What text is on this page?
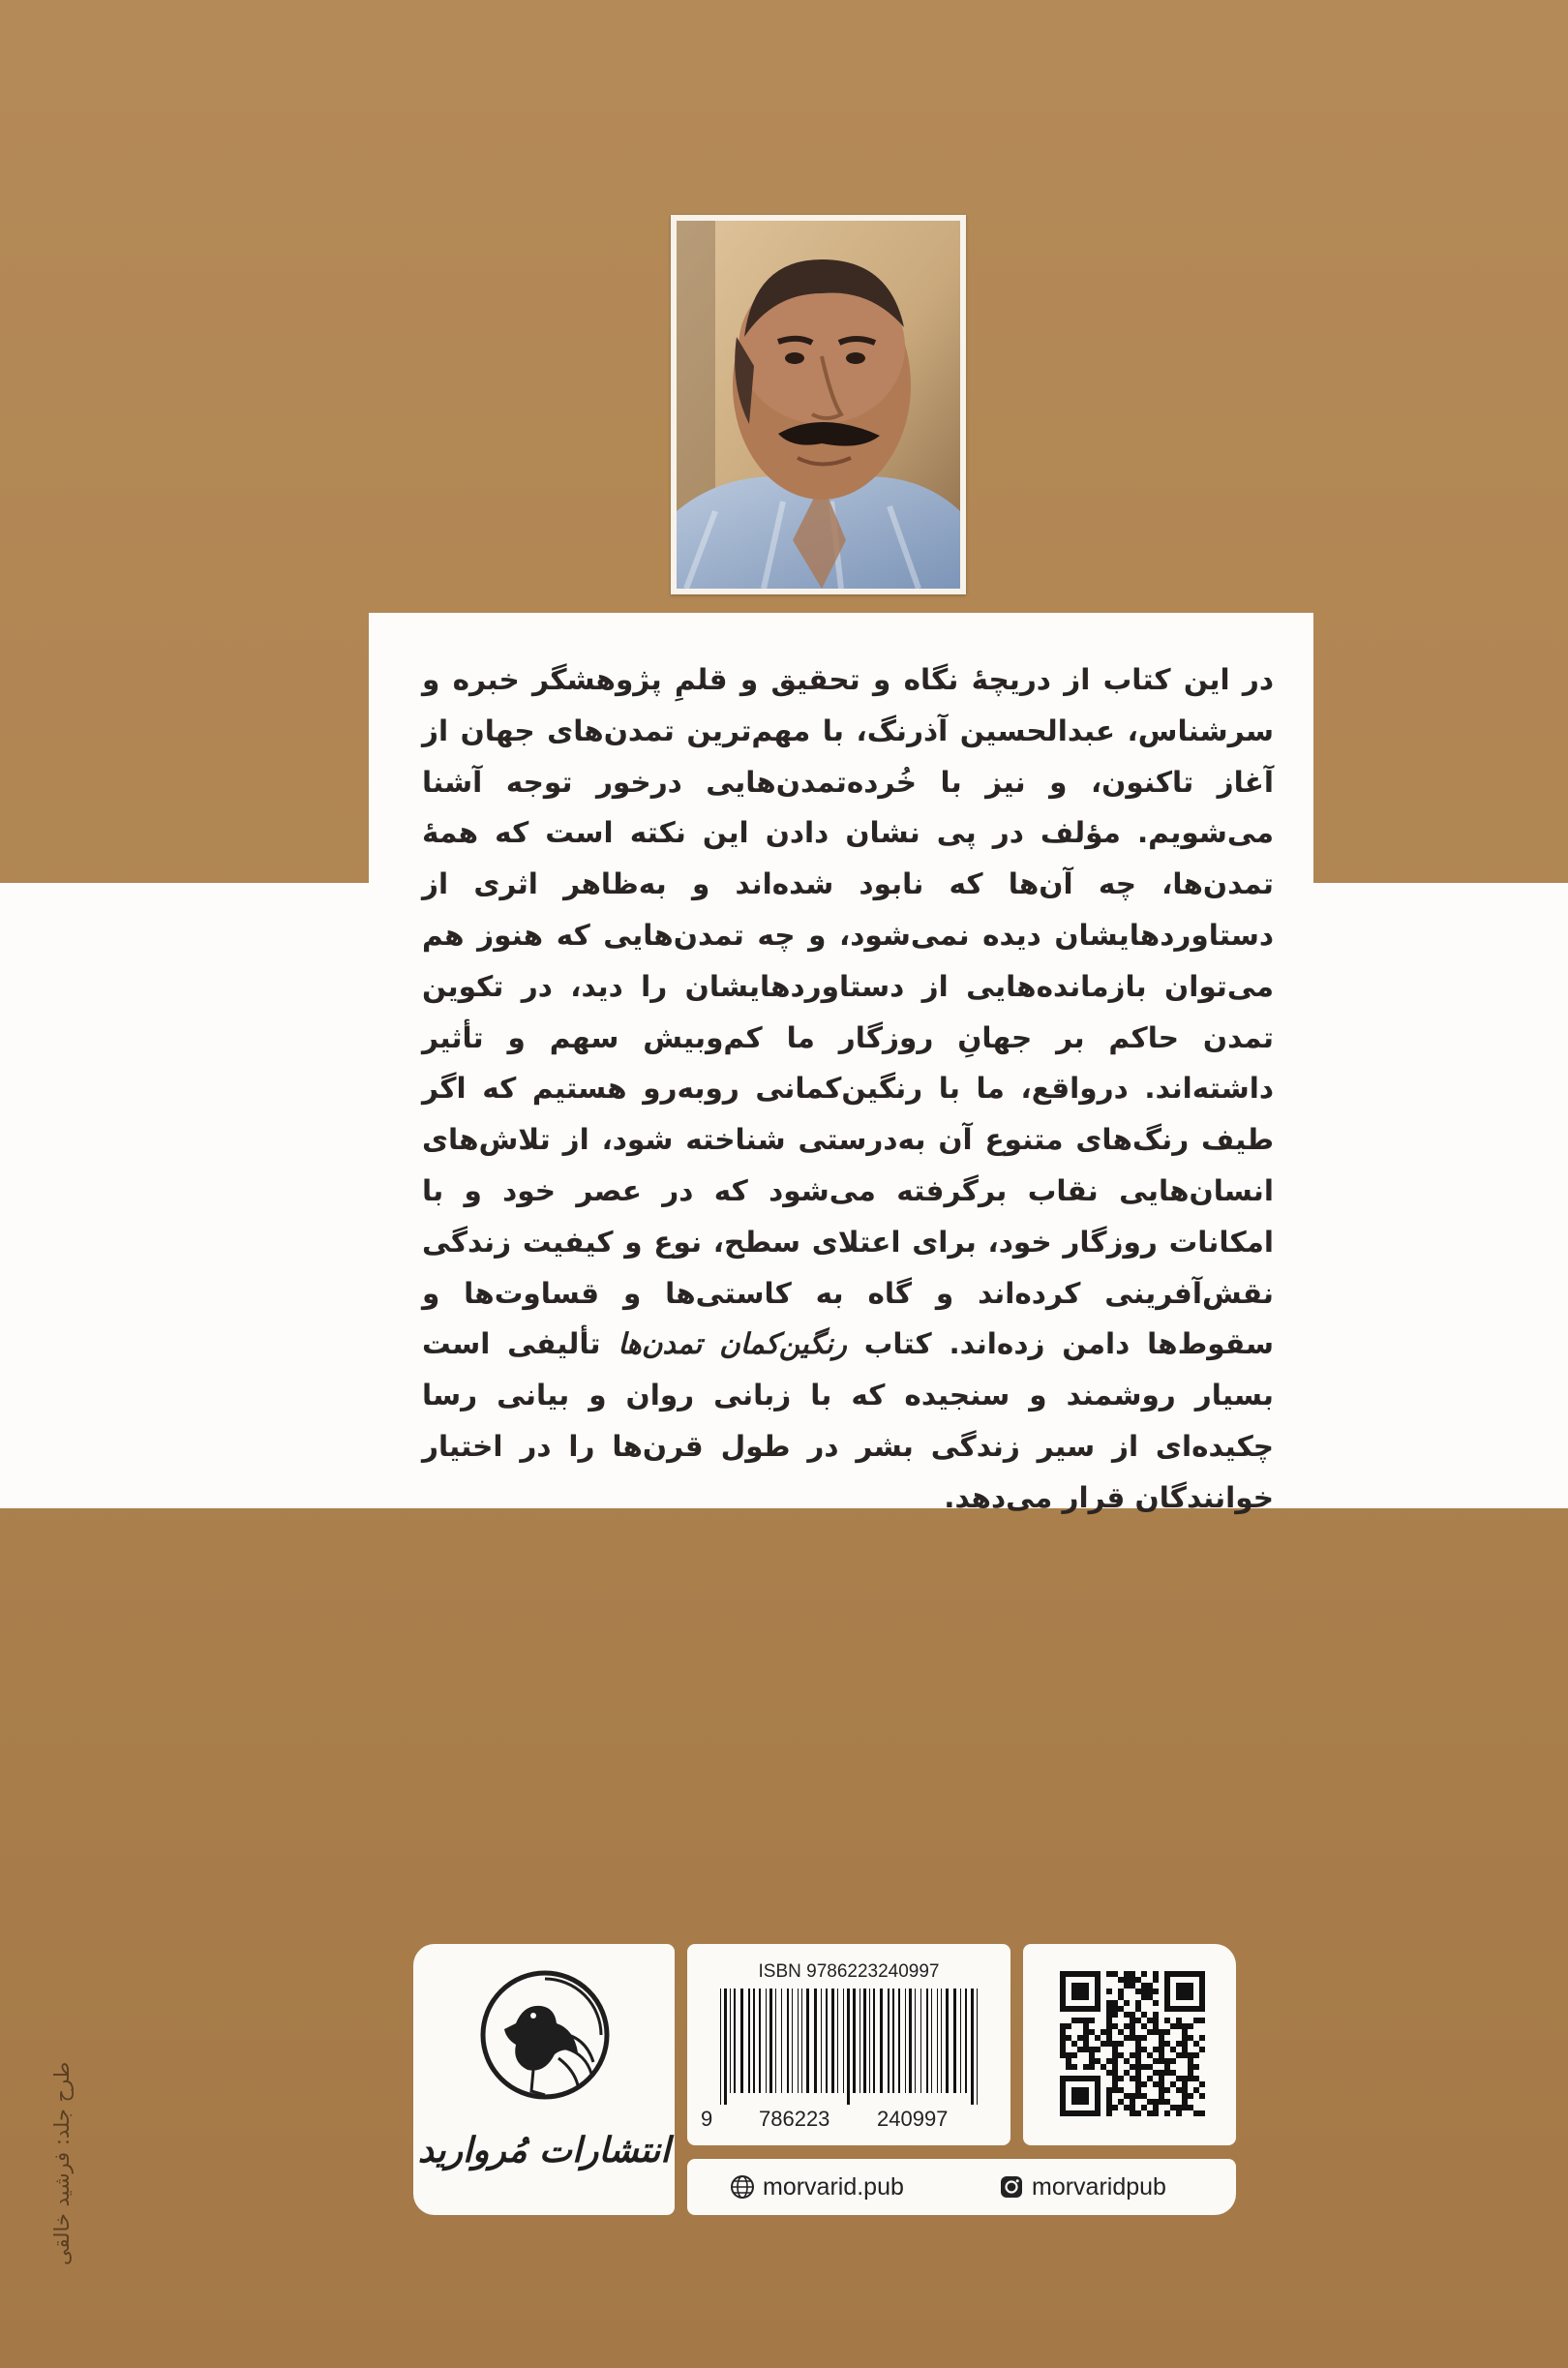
در این کتاب از دریچهٔ نگاه و تحقیق و قلمِ پژوهشگر خبره و سرشناس، عبدالحسین آذرنگ، با مهم‌ترین تمدن‌های جهان از آغاز تاکنون، و نیز با خُرده‌تمدن‌هایی درخور توجه آشنا می‌شویم. مؤلف در پی نشان دادن این نکته است که همهٔ تمدن‌ها، چه آن‌ها که نابود شده‌اند و به‌ظاهر اثری از دستاوردهایشان دیده نمی‌شود، و چه تمدن‌هایی که هنوز هم می‌توان بازمانده‌هایی از دستاوردهایشان را دید، در تکوین تمدن حاکم بر جهانِ روزگار ما کم‌وبیش سهم و تأثیر داشته‌اند. درواقع، ما با رنگین‌کمانی روبه‌رو هستیم که اگر طیف رنگ‌های متنوع آن به‌درستی شناخته شود، از تلاش‌های انسان‌هایی نقاب برگرفته می‌شود که در عصر خود و با امکانات روزگار خود، برای اعتلای سطح، نوع و کیفیت زندگی نقش‌آفرینی کرده‌اند و گاه به کاستی‌ها و قساوت‌ها و سقوط‌ها دامن زده‌اند. کتاب رنگین‌کمان تمدن‌ها تألیفی است بسیار روشمند و سنجیده که با زبانی روان و بیانی رسا چکیده‌ای از سیر زندگی بشر در طول قرن‌ها را در اختیار خوانندگان قرار می‌دهد.
طرح جلد: فرشید خالقی	انتشارات مُروارید
ISBN 9786223240997
9 786223 240997
morvarid.pub	morvaridpub
